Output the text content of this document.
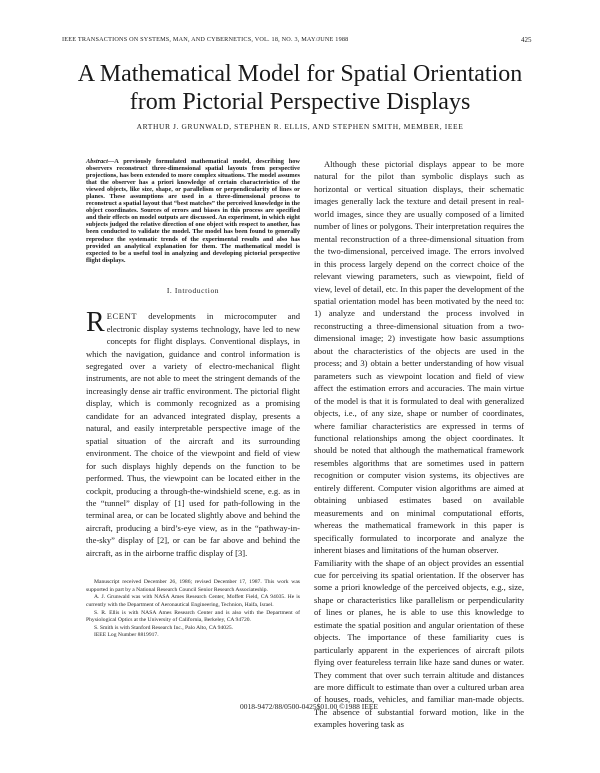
IEEE TRANSACTIONS ON SYSTEMS, MAN, AND CYBERNETICS, VOL. 18, NO. 3, MAY/JUNE 1988	425
A Mathematical Model for Spatial Orientation
from Pictorial Perspective Displays
ARTHUR J. GRUNWALD, STEPHEN R. ELLIS, AND STEPHEN SMITH, MEMBER, IEEE

Abstract—A previously formulated mathematical model, describing how observers reconstruct three-dimensional spatial layouts from perspective projections, has been extended to more complex situations. The model assumes that the observer has a priori knowledge of certain characteristics of the viewed objects, like size, shape, or parallelism or perpendicularity of lines or planes. These assumptions are used in a three-dimensional process to reconstruct a spatial layout that “best matches” the perceived knowledge in the object coordinates. Sources of errors and biases in this process are specified and their effects on model outputs are discussed. An experiment, in which eight subjects judged the relative direction of one object with respect to another, has been conducted to validate the model. The model has been found to generally reproduce the systematic trends of the experimental results and also has provided an analytical explanation for them. The mathematical model is expected to be a useful tool in analyzing and developing pictorial perspective flight displays.

I. Introduction

RECENT developments in microcomputer and electronic display systems technology, have led to new concepts for flight displays. Conventional displays, in which the navigation, guidance and control information is segregated over a variety of electro-mechanical flight instruments, are not able to meet the stringent demands of the increasingly dense air traffic environment. The pictorial flight display, which is commonly recognized as a promising candidate for an advanced integrated display, presents a natural, and easily interpretable perspective image of the spatial situation of the aircraft and its surrounding environment. The choice of the viewpoint and field of view for such displays highly depends on the function to be performed. Thus, the viewpoint can be located either in the cockpit, producing a through-the-windshield scene, e.g. as in the “tunnel” display of [1] used for path-following in the terminal area, or can be located slightly above and behind the aircraft, producing a bird’s-eye view, as in the “pathway-in-the-sky” display of [2], or can be far above and behind the aircraft, as in the airborne traffic display of [3].

Manuscript received December 26, 1986; revised December 17, 1987. This work was supported in part by a National Research Council Senior Research Associateship.

A. J. Grunwald was with NASA Ames Research Center, Moffett Field, CA 94035. He is currently with the Department of Aeronautical Engineering, Technion, Haifa, Israel.

S. R. Ellis is with NASA Ames Research Center and is also with the Department of Physiological Optics at the University of California, Berkeley, CA 94720.

S. Smith is with Stanford Research Inc., Palo Alto, CA 94025.

IEEE Log Number 8819917.

Although these pictorial displays appear to be more natural for the pilot than symbolic displays such as horizontal or vertical situation displays, their schematic images generally lack the texture and detail present in real-world images, since they are usually composed of a limited number of lines or polygons. Their interpretation requires the mental reconstruction of a three-dimensional situation from the two-dimensional, perceived image. The errors involved in this process largely depend on the correct choice of the relevant viewing parameters, such as viewpoint, field of view, level of detail, etc. In this paper the development of the spatial orientation model has been motivated by the need to: 1) analyze and understand the process involved in reconstructing a three-dimensional situation from a two-dimensional image; 2) investigate how basic assumptions about the characteristics of the objects are used in the process; and 3) obtain a better understanding of how visual parameters such as viewpoint location and field of view affect the estimation errors and accuracies. The main virtue of the model is that it is formulated to deal with generalized objects, i.e., of any size, shape or number of coordinates, where familiar characteristics are expressed in terms of functional relationships among the object coordinates. It should be noted that although the mathematical framework resembles algorithms that are sometimes used in pattern recognition or computer vision systems, its objectives are entirely different. Computer vision algorithms are aimed at obtaining unbiased estimates based on available measurements and on minimal computational efforts, whereas the mathematical framework in this paper is specifically formulated to incorporate and analyze the inherent biases and limitations of the human observer.
Familiarity with the shape of an object provides an essential cue for perceiving its spatial orientation. If the observer has some a priori knowledge of the perceived objects, e.g., size, shape or characteristics like parallelism or perpendicularity of lines or planes, he is able to use this knowledge to estimate the spatial position and angular orientation of these objects. The importance of these familiarity cues is particularly apparent in the experiences of aircraft pilots flying over featureless terrain like haze sand dunes or water. They comment that over such terrain altitude and distances are more difficult to estimate than over a cultured urban area of houses, roads, vehicles, and familiar man-made objects. The absence of substantial forward motion, like in the examples hovering task as
0018-9472/88/0500-0425$01.00 ©1988 IEEE
